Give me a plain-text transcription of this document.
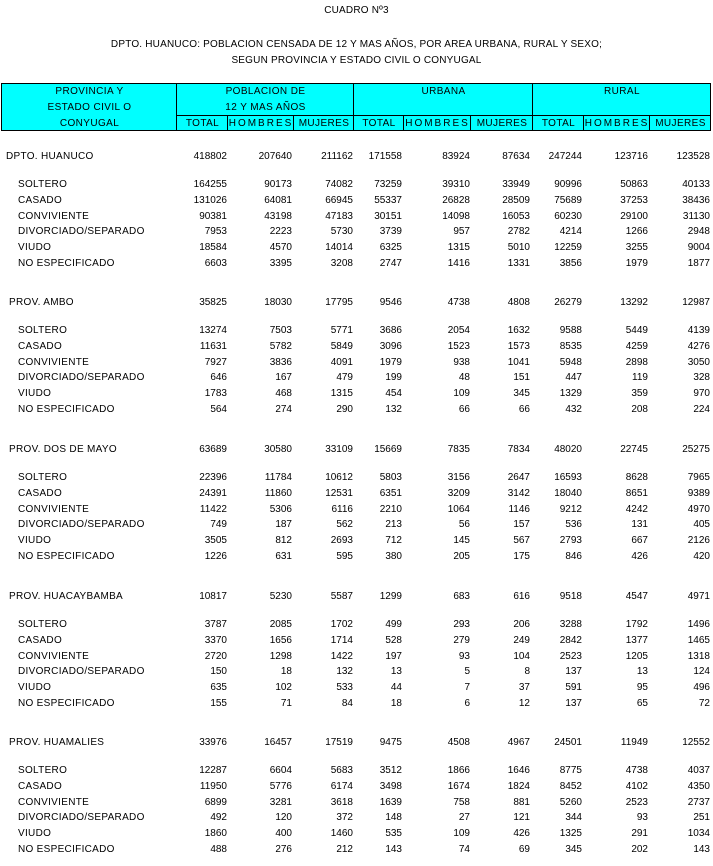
CUADRO Nº3
DPTO. HUANUCO: POBLACION CENSADA DE 12 Y MAS AÑOS, POR AREA URBANA, RURAL Y SEXO;
SEGUN PROVINCIA Y ESTADO CIVIL O CONYUGAL
PROVINCIA Y
ESTADO CIVIL O
CONYUGAL
POBLACION DE
12 Y MAS AÑOS
URBANA	RURAL
TOTAL HOMBRES MUJERES	TOTAL HOMBRES MUJERES	TOTAL HOMBRES MUJERES
DPTO. HUANUCO	418802	207640	211162	171558	83924	87634	247244	123716	123528
SOLTERO	164255	90173	74082	73259	39310	33949	90996	50863	40133
CASADO	131026	64081	66945	55337	26828	28509	75689	37253	38436
CONVIVIENTE	90381	43198	47183	30151	14098	16053	60230	29100	31130
DIVORCIADO/SEPARADO	7953	2223	5730	3739	957	2782	4214	1266	2948
VIUDO	18584	4570	14014	6325	1315	5010	12259	3255	9004
NO ESPECIFICADO	6603	3395	3208	2747	1416	1331	3856	1979	1877
PROV. AMBO	35825	18030	17795	9546	4738	4808	26279	13292	12987
SOLTERO	13274	7503	5771	3686	2054	1632	9588	5449	4139
CASADO	11631	5782	5849	3096	1523	1573	8535	4259	4276
CONVIVIENTE	7927	3836	4091	1979	938	1041	5948	2898	3050
DIVORCIADO/SEPARADO	646	167	479	199	48	151	447	119	328
VIUDO	1783	468	1315	454	109	345	1329	359	970
NO ESPECIFICADO	564	274	290	132	66	66	432	208	224
PROV. DOS DE MAYO	63689	30580	33109	15669	7835	7834	48020	22745	25275
SOLTERO	22396	11784	10612	5803	3156	2647	16593	8628	7965
CASADO	24391	11860	12531	6351	3209	3142	18040	8651	9389
CONVIVIENTE	11422	5306	6116	2210	1064	1146	9212	4242	4970
DIVORCIADO/SEPARADO	749	187	562	213	56	157	536	131	405
VIUDO	3505	812	2693	712	145	567	2793	667	2126
NO ESPECIFICADO	1226	631	595	380	205	175	846	426	420
PROV. HUACAYBAMBA	10817	5230	5587	1299	683	616	9518	4547	4971
SOLTERO	3787	2085	1702	499	293	206	3288	1792	1496
CASADO	3370	1656	1714	528	279	249	2842	1377	1465
CONVIVIENTE	2720	1298	1422	197	93	104	2523	1205	1318
DIVORCIADO/SEPARADO	150	18	132	13	5	8	137	13	124
VIUDO	635	102	533	44	7	37	591	95	496
NO ESPECIFICADO	155	71	84	18	6	12	137	65	72
PROV. HUAMALIES	33976	16457	17519	9475	4508	4967	24501	11949	12552
SOLTERO	12287	6604	5683	3512	1866	1646	8775	4738	4037
CASADO	11950	5776	6174	3498	1674	1824	8452	4102	4350
CONVIVIENTE	6899	3281	3618	1639	758	881	5260	2523	2737
DIVORCIADO/SEPARADO	492	120	372	148	27	121	344	93	251
VIUDO	1860	400	1460	535	109	426	1325	291	1034
NO ESPECIFICADO	488	276	212	143	74	69	345	202	143
